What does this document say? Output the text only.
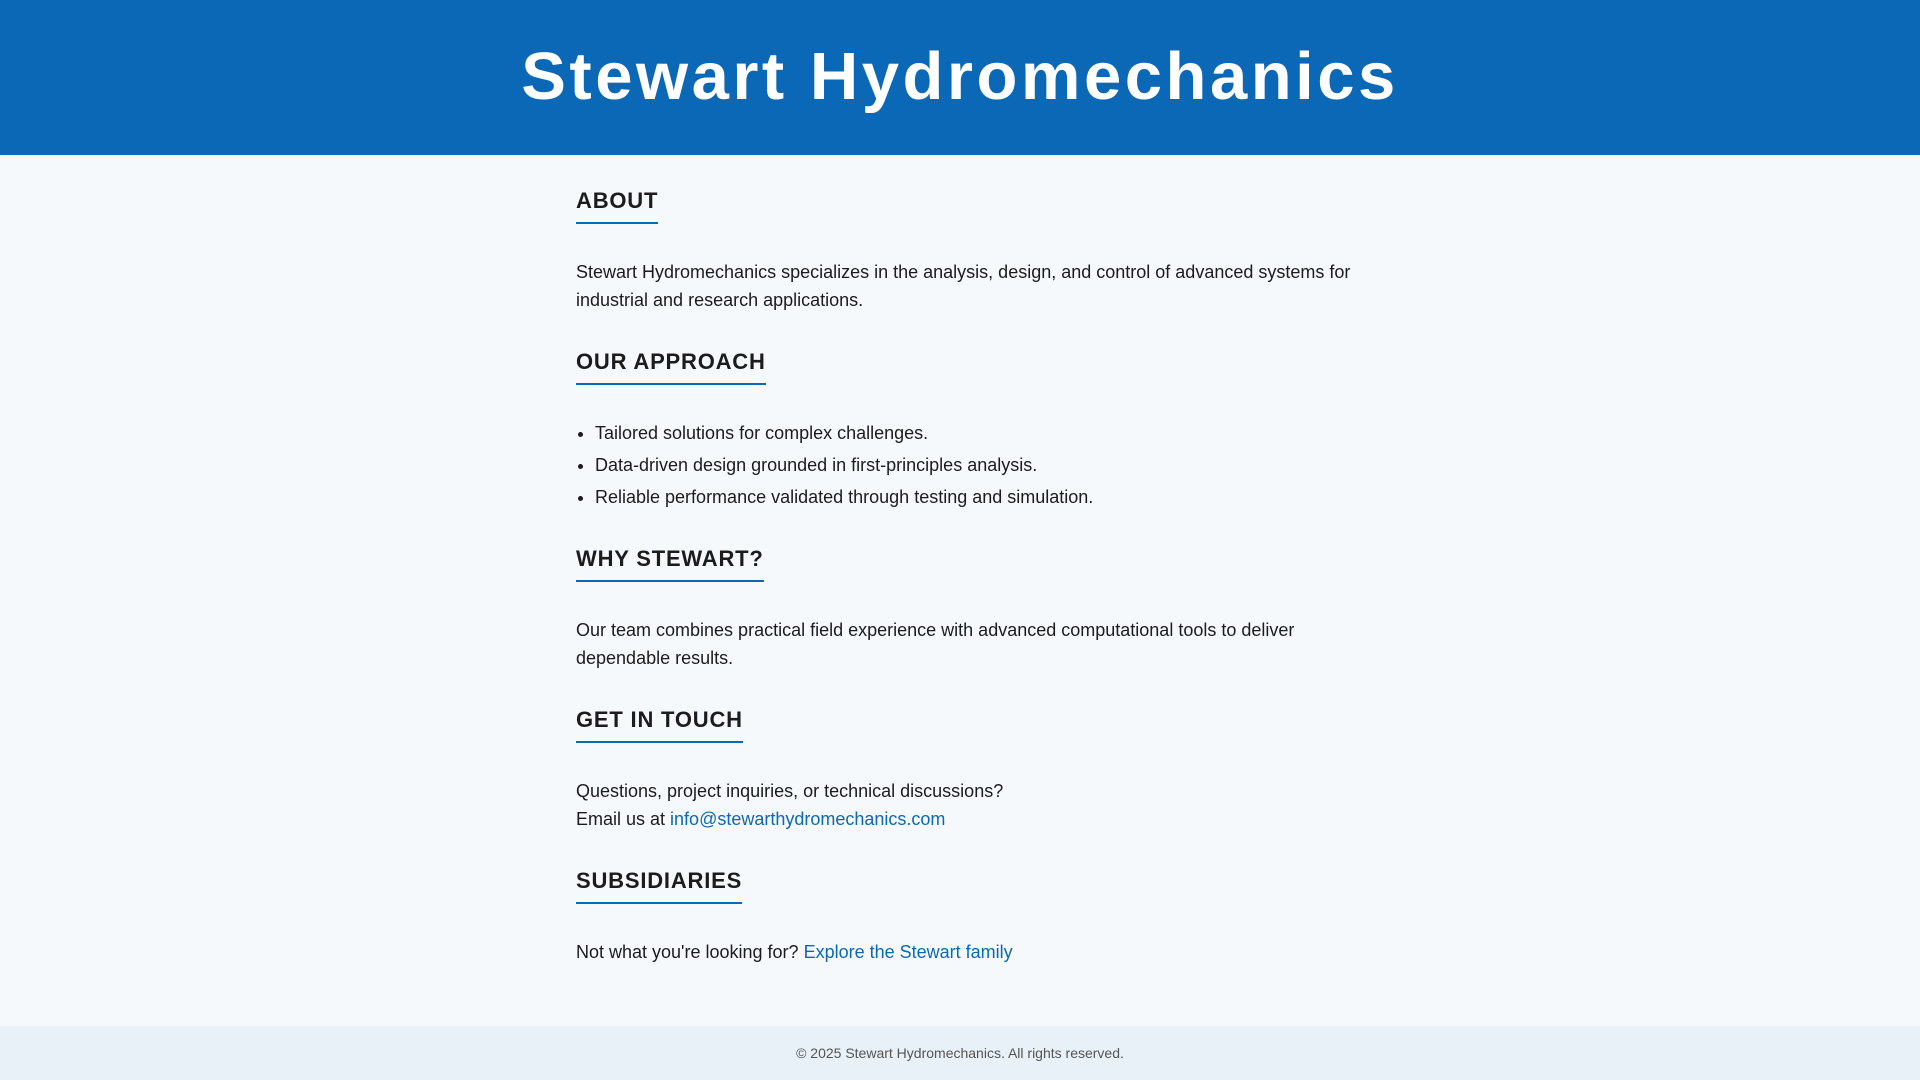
Stewart Hydromechanics
ABOUT

Stewart Hydromechanics specializes in the analysis, design, and control of advanced systems for industrial and research applications.

OUR APPROACH
• Tailored solutions for complex challenges.
• Data-driven design grounded in first-principles analysis.
• Reliable performance validated through testing and simulation.
WHY STEWART?

Our team combines practical field experience with advanced computational tools to deliver dependable results.

GET IN TOUCH

Questions, project inquiries, or technical discussions?
Email us at info@stewarthydromechanics.com

SUBSIDIARIES

Not what you're looking for? Explore the Stewart family

© 2025 Stewart Hydromechanics. All rights reserved.
